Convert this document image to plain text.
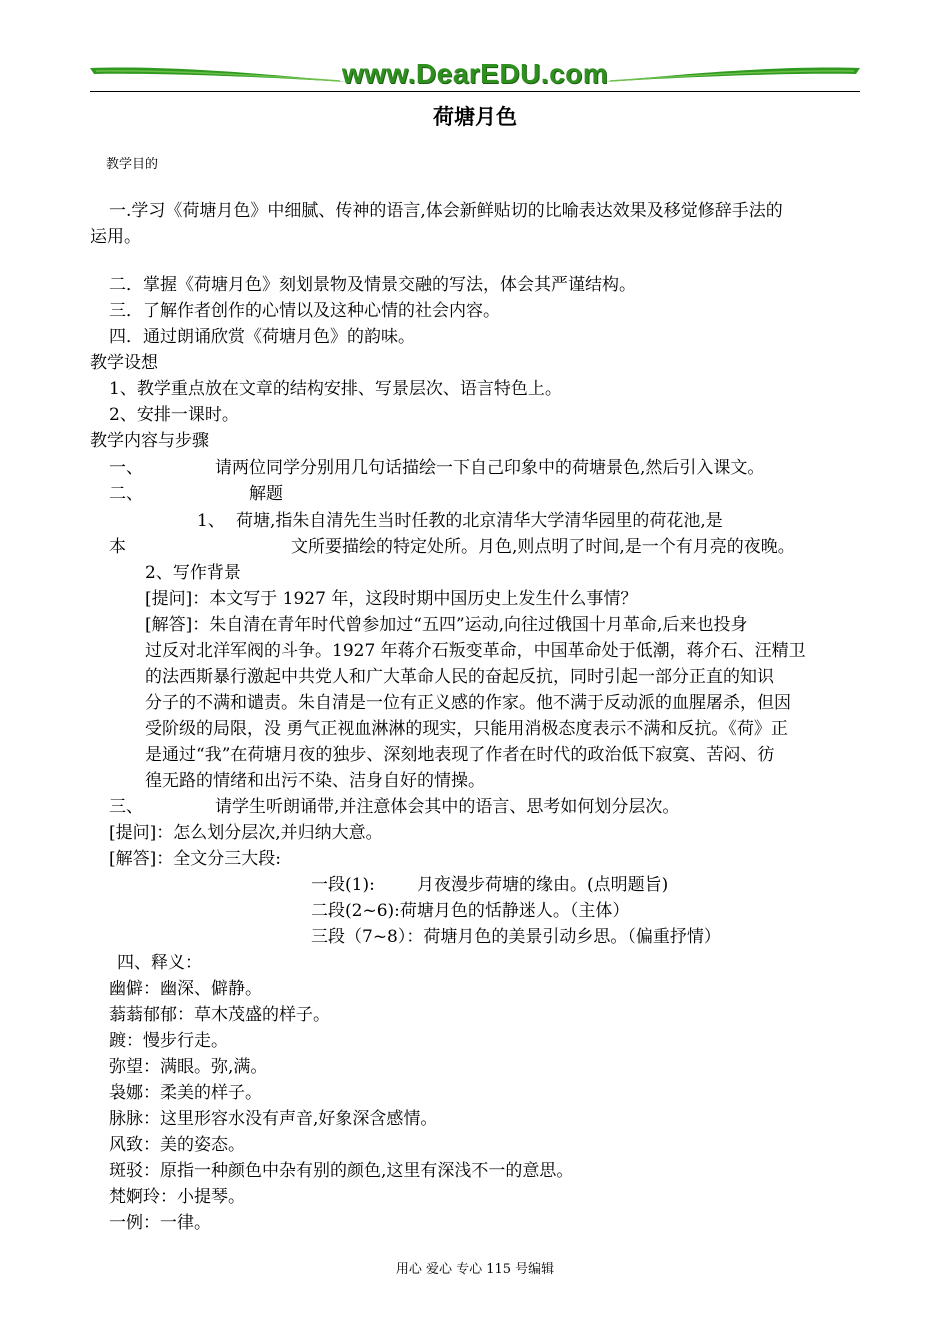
www.DearEDU.com
荷塘月色
教学目的
一.学习《荷塘月色》中细腻、传神的语言,体会新鲜贴切的比喻表达效果及移觉修辞手法的
运用。
二．掌握《荷塘月色》刻划景物及情景交融的写法，体会其严谨结构。
三．了解作者创作的心情以及这种心情的社会内容。
四．通过朗诵欣赏《荷塘月色》的韵味。
教学设想
1、教学重点放在文章的结构安排、写景层次、语言特色上。
2、安排一课时。
教学内容与步骤
一、	请两位同学分别用几句话描绘一下自己印象中的荷塘景色,然后引入课文。
二、	解题
1、 荷塘,指朱自清先生当时任教的北京清华大学清华园里的荷花池,是
本	文所要描绘的特定处所。月色,则点明了时间,是一个有月亮的夜晚。
2、写作背景
[提问]：本文写于 1927 年，这段时期中国历史上发生什么事情？
[解答]：朱自清在青年时代曾参加过“五四”运动,向往过俄国十月革命,后来也投身
过反对北洋军阀的斗争。1927 年蒋介石叛变革命，中国革命处于低潮，蒋介石、汪精卫
的法西斯暴行激起中共党人和广大革命人民的奋起反抗，同时引起一部分正直的知识
分子的不满和谴责。朱自清是一位有正义感的作家。他不满于反动派的血腥屠杀，但因
受阶级的局限，没 勇气正视血淋淋的现实，只能用消极态度表示不满和反抗。《荷》正
是通过“我”在荷塘月夜的独步、深刻地表现了作者在时代的政治低下寂寞、苦闷、彷
徨无路的情绪和出污不染、洁身自好的情操。
三、	请学生听朗诵带,并注意体会其中的语言、思考如何划分层次。
[提问]：怎么划分层次,并归纳大意。
[解答]：全文分三大段:
一段(1): 月夜漫步荷塘的缘由。(点明题旨)
二段(2~6):荷塘月色的恬静迷人。（主体）
三段（7~8）：荷塘月色的美景引动乡思。（偏重抒情）
四、释义：
幽僻：幽深、僻静。
蓊蓊郁郁：草木茂盛的样子。
踱：慢步行走。
弥望：满眼。弥,满。
袅娜：柔美的样子。
脉脉：这里形容水没有声音,好象深含感情。
风致：美的姿态。
斑驳：原指一种颜色中杂有别的颜色,这里有深浅不一的意思。
梵婀玲：小提琴。
一例：一律。
用心 爱心 专心 115 号编辑
